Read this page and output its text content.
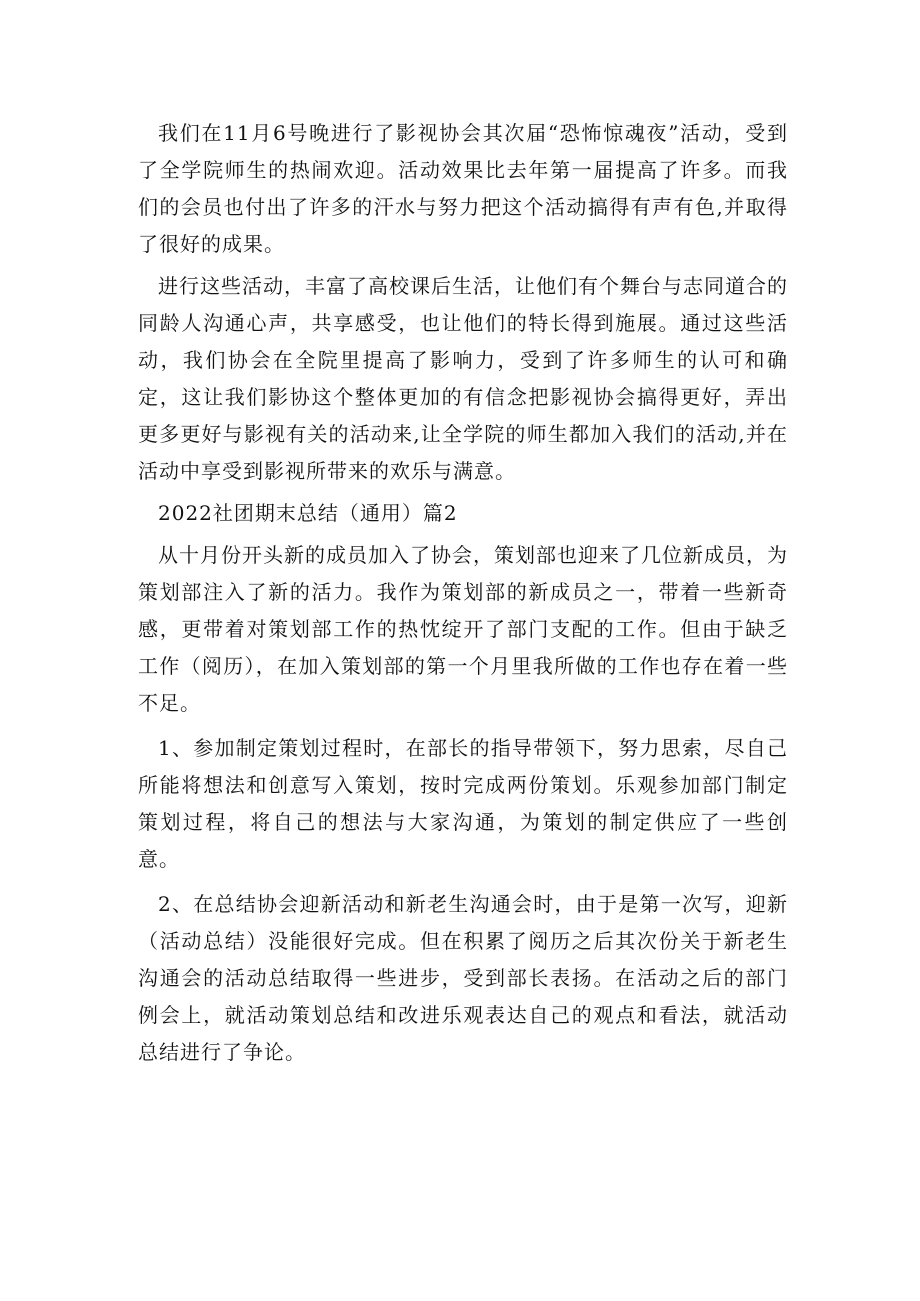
我们在11月6号晚进行了影视协会其次届“恐怖惊魂夜”活动，受到了全学院师生的热闹欢迎。活动效果比去年第一届提高了许多。而我们的会员也付出了许多的汗水与努力把这个活动搞得有声有色,并取得了很好的成果。

进行这些活动，丰富了高校课后生活，让他们有个舞台与志同道合的同龄人沟通心声，共享感受，也让他们的特长得到施展。通过这些活动，我们协会在全院里提高了影响力，受到了许多师生的认可和确定，这让我们影协这个整体更加的有信念把影视协会搞得更好，弄出更多更好与影视有关的活动来,让全学院的师生都加入我们的活动,并在活动中享受到影视所带来的欢乐与满意。

2022社团期末总结（通用）篇2

从十月份开头新的成员加入了协会，策划部也迎来了几位新成员，为策划部注入了新的活力。我作为策划部的新成员之一，带着一些新奇感，更带着对策划部工作的热忱绽开了部门支配的工作。但由于缺乏工作（阅历），在加入策划部的第一个月里我所做的工作也存在着一些不足。

1、参加制定策划过程时，在部长的指导带领下，努力思索，尽自己所能将想法和创意写入策划，按时完成两份策划。乐观参加部门制定策划过程，将自己的想法与大家沟通，为策划的制定供应了一些创意。

2、在总结协会迎新活动和新老生沟通会时，由于是第一次写，迎新（活动总结）没能很好完成。但在积累了阅历之后其次份关于新老生沟通会的活动总结取得一些进步，受到部长表扬。在活动之后的部门例会上，就活动策划总结和改进乐观表达自己的观点和看法，就活动总结进行了争论。
